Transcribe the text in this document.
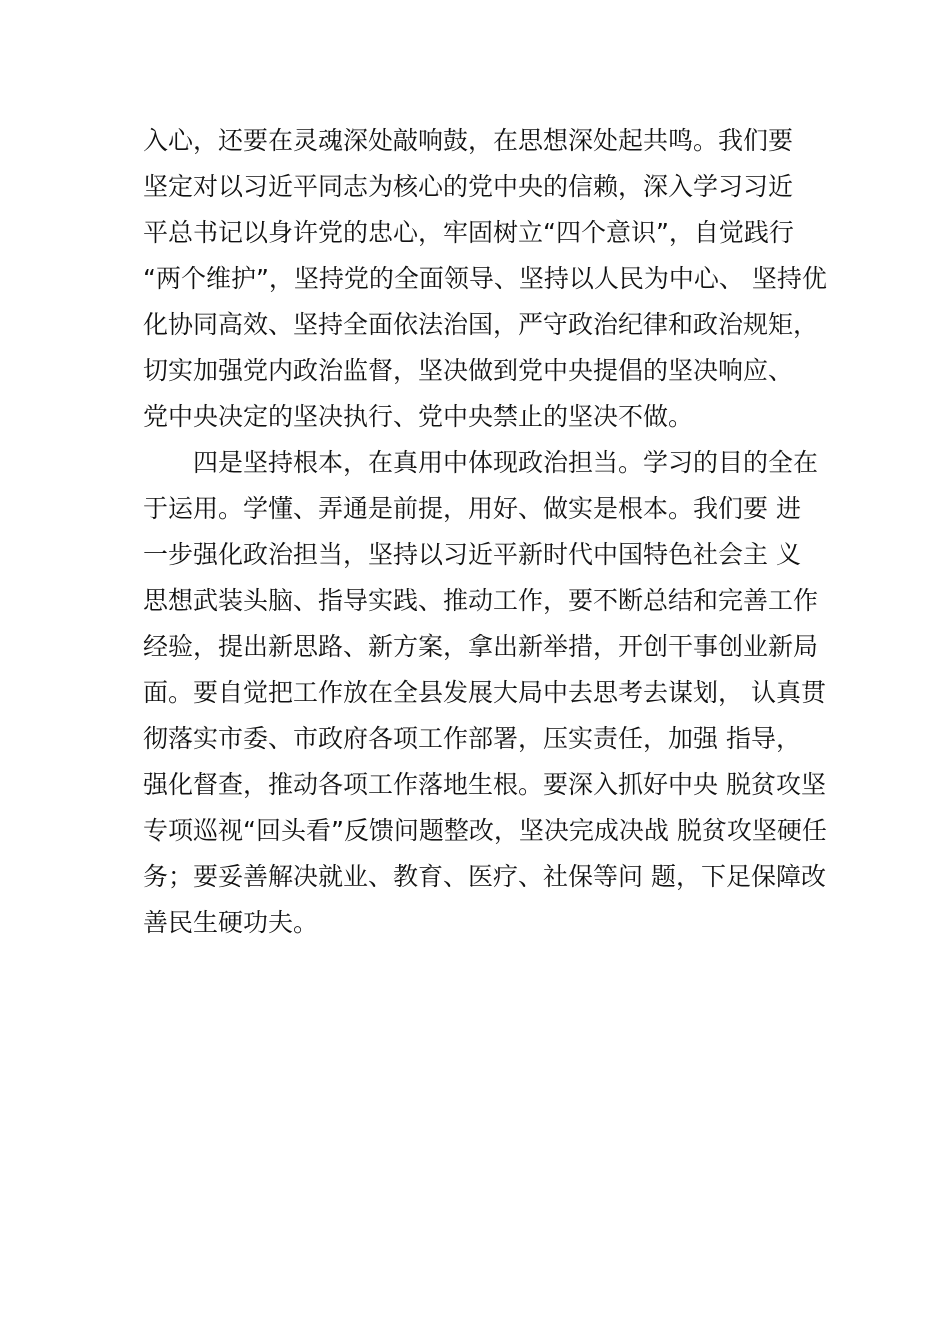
入心，还要在灵魂深处敲响鼓，在思想深处起共鸣。我们要
坚定对以习近平同志为核心的党中央的信赖，深入学习习近
平总书记以身许党的忠心，牢固树立“四个意识”，自觉践行
“两个维护”，坚持党的全面领导、坚持以人民为中心、 坚持优
化协同高效、坚持全面依法治国，严守政治纪律和政治规矩，
切实加强党内政治监督，坚决做到党中央提倡的坚决响应、
党中央决定的坚决执行、党中央禁止的坚决不做。
四是坚持根本，在真用中体现政治担当。学习的目的全在
于运用。学懂、弄通是前提，用好、做实是根本。我们要 进
一步强化政治担当，坚持以习近平新时代中国特色社会主 义
思想武装头脑、指导实践、推动工作，要不断总结和完善工作
经验，提出新思路、新方案，拿出新举措，开创干事创业新局
面。要自觉把工作放在全县发展大局中去思考去谋划， 认真贯
彻落实市委、市政府各项工作部署，压实责任，加强 指导，
强化督查，推动各项工作落地生根。要深入抓好中央 脱贫攻坚
专项巡视“回头看”反馈问题整改，坚决完成决战 脱贫攻坚硬任
务；要妥善解决就业、教育、医疗、社保等问 题，下足保障改
善民生硬功夫。
